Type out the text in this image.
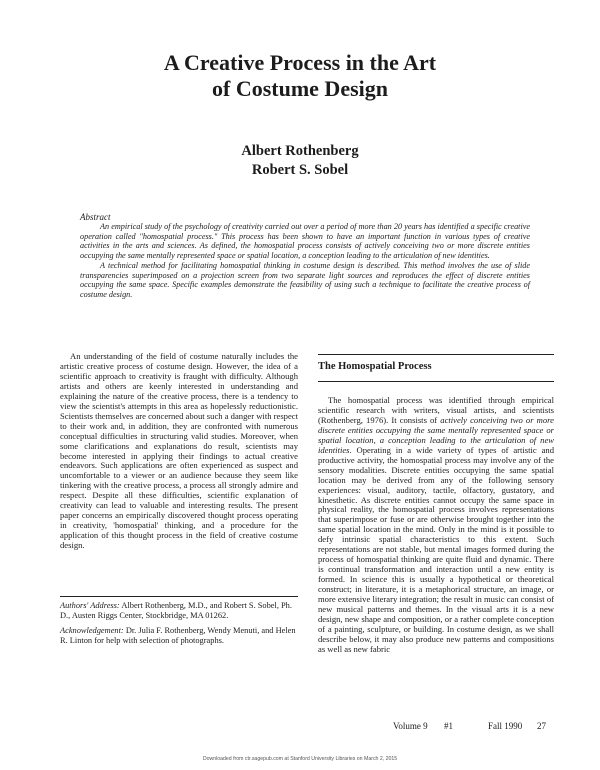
A Creative Process in the Art
of Costume Design
Albert Rothenberg
Robert S. Sobel
Abstract

An empirical study of the psychology of creativity carried out over a period of more than 20 years has identified a specific creative operation called "homospatial process." This process has been shown to have an important function in various types of creative activities in the arts and sciences. As defined, the homospatial process consists of actively conceiving two or more discrete entities occupying the same mentally represented space or spatial location, a conception leading to the articulation of new identities.

A technical method for facilitating homospatial thinking in costume design is described. This method involves the use of slide transparencies superimposed on a projection screen from two separate light sources and reproduces the effect of discrete entities occupying the same space. Specific examples demonstrate the feasibility of using such a technique to facilitate the creative process of costume design.

An understanding of the field of costume naturally includes the artistic creative process of costume design. However, the idea of a scientific approach to creativity is fraught with difficulty. Although artists and others are keenly interested in understanding and explaining the nature of the creative process, there is a tendency to view the scientist's attempts in this area as hopelessly reductionistic. Scientists themselves are concerned about such a danger with respect to their work and, in addition, they are confronted with numerous conceptual difficulties in structuring valid studies. Moreover, when some clarifications and explanations do result, scientists may become interested in applying their findings to actual creative endeavors. Such applications are often experienced as suspect and uncomfortable to a viewer or an audience because they seem like tinkering with the creative process, a process all strongly admire and respect. Despite all these difficulties, scientific explanation of creativity can lead to valuable and interesting results. The present paper concerns an empirically discovered thought process operating in creativity, 'homospatial' thinking, and a procedure for the application of this thought process in the field of creative costume design.

Authors' Address: Albert Rothenberg, M.D., and Robert S. Sobel, Ph. D., Austen Riggs Center, Stockbridge, MA 01262.
Acknowledgement: Dr. Julia F. Rothenberg, Wendy Menuti, and Helen R. Linton for help with selection of photographs.
The Homospatial Process

The homospatial process was identified through empirical scientific research with writers, visual artists, and scientists (Rothenberg, 1976). It consists of actively conceiving two or more discrete entities occupying the same mentally represented space or spatial location, a conception leading to the articulation of new identities. Operating in a wide variety of types of artistic and productive activity, the homospatial process may involve any of the sensory modalities. Discrete entities occupying the same spatial location may be derived from any of the following sensory experiences: visual, auditory, tactile, olfactory, gustatory, and kinesthetic. As discrete entities cannot occupy the same space in physical reality, the homospatial process involves representations that superimpose or fuse or are otherwise brought together into the same spatial location in the mind. Only in the mind is it possible to defy intrinsic spatial characteristics to this extent. Such representations are not stable, but mental images formed during the process of homospatial thinking are quite fluid and dynamic. There is continual transformation and interaction until a new entity is formed. In science this is usually a hypothetical or theoretical construct; in literature, it is a metaphorical structure, an image, or more extensive literary integration; the result in music can consist of new musical patterns and themes. In the visual arts it is a new design, new shape and composition, or a rather complete conception of a painting, sculpture, or building. In costume design, as we shall describe below, it may also produce new patterns and compositions as well as new fabric

Volume 9 #1	Fall 1990 27
Downloaded from ctr.sagepub.com at Stanford University Libraries on March 2, 2015
